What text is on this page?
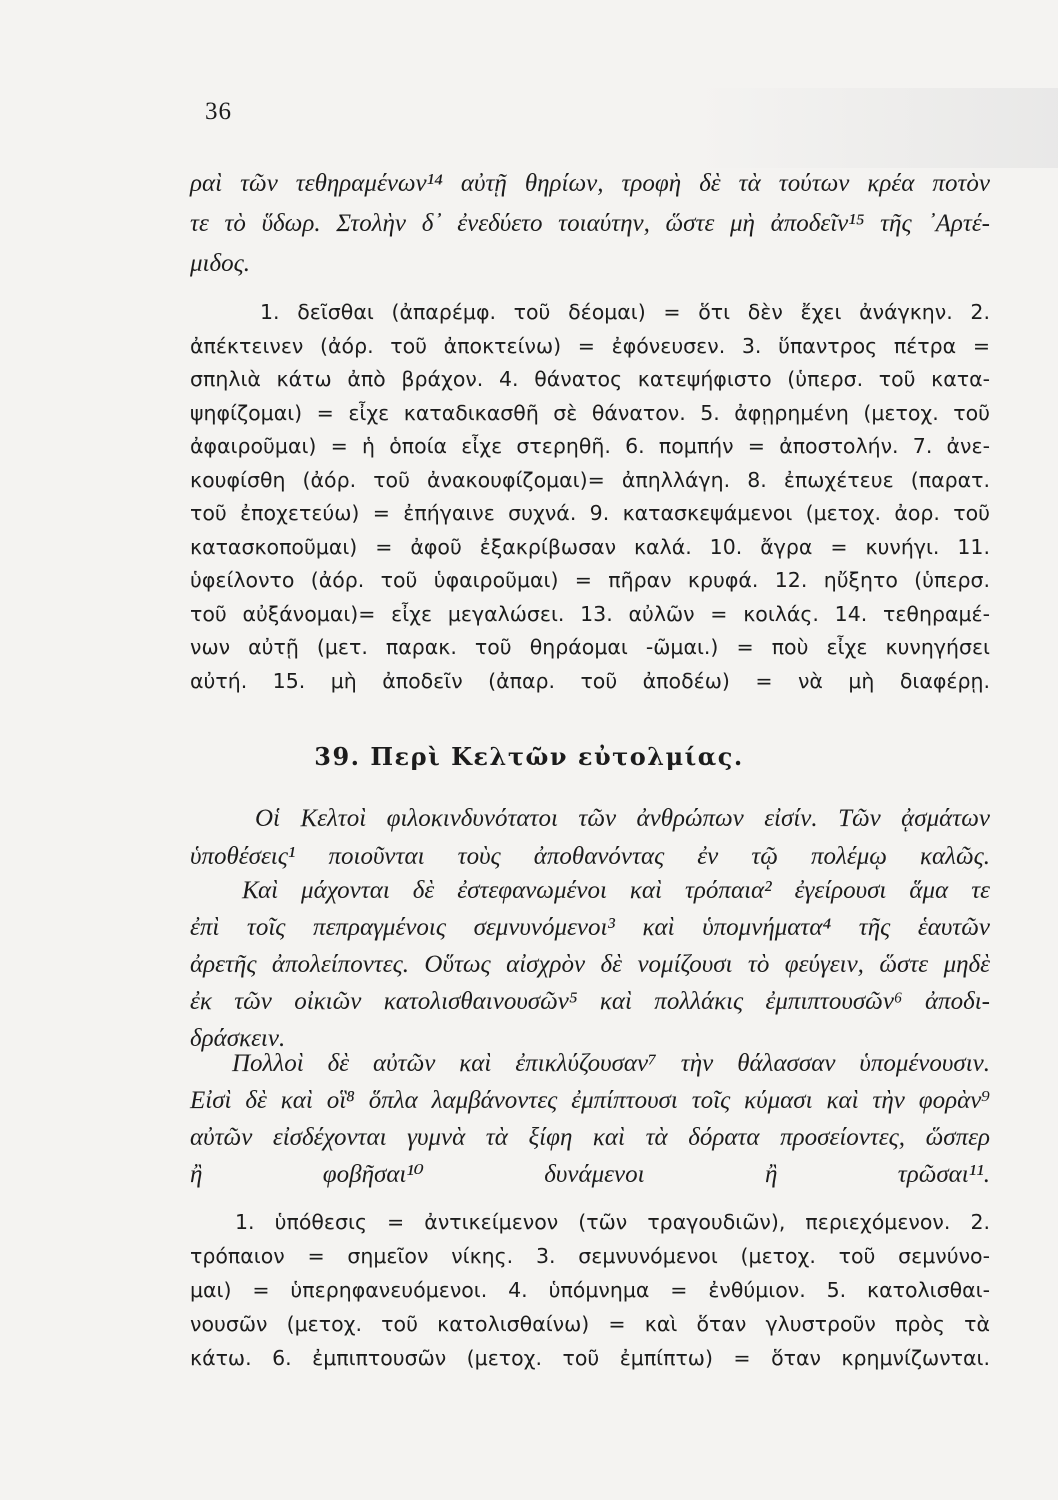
36
ραὶ τῶν τεθηραμένων¹⁴ αὐτῇ θηρίων, τροφὴ δὲ τὰ τούτων κρέα ποτὸν
τε τὸ ὕδωρ. Στολὴν δ᾽ ἐνεδύετο τοιαύτην, ὥστε μὴ ἀποδεῖν¹⁵ τῆς ᾽Αρτέ-
μιδος.
1. δεῖσθαι (ἀπαρέμφ. τοῦ δέομαι) = ὅτι δὲν ἔχει ἀνάγκην. 2.
ἀπέκτεινεν (ἀόρ. τοῦ ἀποκτείνω) = ἐφόνευσεν. 3. ὕπαντρος πέτρα =
σπηλιὰ κάτω ἀπὸ βράχον. 4. θάνατος κατεψήφιστο (ὑπερσ. τοῦ κατα-
ψηφίζομαι) = εἶχε καταδικασθῆ σὲ θάνατον. 5. ἀφῃρημένη (μετοχ. τοῦ
ἀφαιροῦμαι) = ἡ ὁποία εἶχε στερηθῆ. 6. πομπήν = ἀποστολήν. 7. ἀνε-
κουφίσθη (ἀόρ. τοῦ ἀνακουφίζομαι)= ἀπηλλάγη. 8. ἐπωχέτευε (παρατ.
τοῦ ἐποχετεύω) = ἐπήγαινε συχνά. 9. κατασκεψάμενοι (μετοχ. ἀορ. τοῦ
κατασκοποῦμαι) = ἀφοῦ ἐξακρίβωσαν καλά. 10. ἄγρα = κυνήγι. 11.
ὑφείλοντο (ἀόρ. τοῦ ὑφαιροῦμαι) = πῆραν κρυφά. 12. ηὔξητο (ὑπερσ.
τοῦ αὐξάνομαι)= εἶχε μεγαλώσει. 13. αὐλῶν = κοιλάς. 14. τεθηραμέ-
νων αὐτῇ (μετ. παρακ. τοῦ θηράομαι -ῶμαι.) = ποὺ εἶχε κυνηγήσει
αὐτή. 15. μὴ ἀποδεῖν (ἀπαρ. τοῦ ἀποδέω) = νὰ μὴ διαφέρῃ.
39. Περὶ Κελτῶν εὐτολμίας.
Οἱ Κελτοὶ φιλοκινδυνότατοι τῶν ἀνθρώπων εἰσίν. Τῶν ᾀσμάτων
ὑποθέσεις¹ ποιοῦνται τοὺς ἀποθανόντας ἐν τῷ πολέμῳ καλῶς.
Καὶ μάχονται δὲ ἐστεφανωμένοι καὶ τρόπαια² ἐγείρουσι ἅμα τε
ἐπὶ τοῖς πεπραγμένοις σεμνυνόμενοι³ καὶ ὑπομνήματα⁴ τῆς ἑαυτῶν
ἀρετῆς ἀπολείποντες. Οὕτως αἰσχρὸν δὲ νομίζουσι τὸ φεύγειν, ὥστε μηδὲ
ἐκ τῶν οἰκιῶν κατολισθαινουσῶν⁵ καὶ πολλάκις ἐμπιπτουσῶν⁶ ἀποδι-
δράσκειν.
Πολλοὶ δὲ αὐτῶν καὶ ἐπικλύζουσαν⁷ τὴν θάλασσαν ὑπομένουσιν.
Εἰσὶ δὲ καὶ οἳ⁸ ὅπλα λαμβάνοντες ἐμπίπτουσι τοῖς κύμασι καὶ τὴν φορὰν⁹
αὐτῶν εἰσδέχονται γυμνὰ τὰ ξίφη καὶ τὰ δόρατα προσείοντες, ὥσπερ
ἢ φοβῆσαι¹⁰ δυνάμενοι ἢ τρῶσαι¹¹.
1. ὑπόθεσις = ἀντικείμενον (τῶν τραγουδιῶν), περιεχόμενον. 2.
τρόπαιον = σημεῖον νίκης. 3. σεμνυνόμενοι (μετοχ. τοῦ σεμνύνο-
μαι) = ὑπερηφανευόμενοι. 4. ὑπόμνημα = ἐνθύμιον. 5. κατολισθαι-
νουσῶν (μετοχ. τοῦ κατολισθαίνω) = καὶ ὅταν γλυστροῦν πρὸς τὰ
κάτω. 6. ἐμπιπτουσῶν (μετοχ. τοῦ ἐμπίπτω) = ὅταν κρημνίζωνται.
